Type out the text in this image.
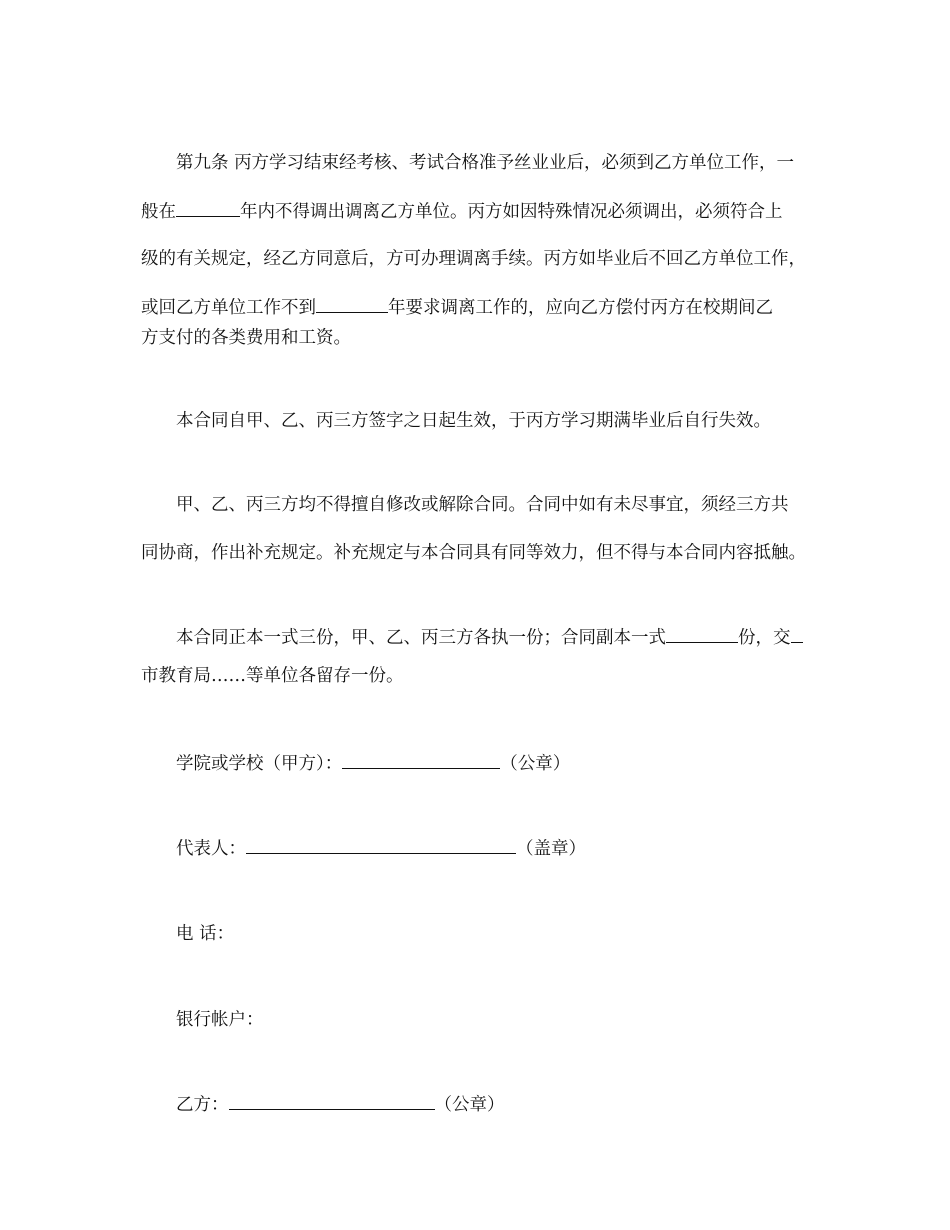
第九条 丙方学习结束经考核、考试合格准予丝业业后，必须到乙方单位工作，一
般在	年内不得调出调离乙方单位。丙方如因特殊情况必须调出，必须符合上
级的有关规定，经乙方同意后，方可办理调离手续。丙方如毕业后不回乙方单位工作，
或回乙方单位工作不到	年要求调离工作的，应向乙方偿付丙方在校期间乙
方支付的各类费用和工资。
本合同自甲、乙、丙三方签字之日起生效，于丙方学习期满毕业后自行失效。
甲、乙、丙三方均不得擅自修改或解除合同。合同中如有未尽事宜，须经三方共
同协商，作出补充规定。补充规定与本合同具有同等效力，但不得与本合同内容抵触。
本合同正本一式三份，甲、乙、丙三方各执一份；合同副本一式	份，交
市教育局……等单位各留存一份。
学院或学校（甲方）：	（公章）
代表人：	（盖章）
电 话：
银行帐户：
乙方：	（公章）
